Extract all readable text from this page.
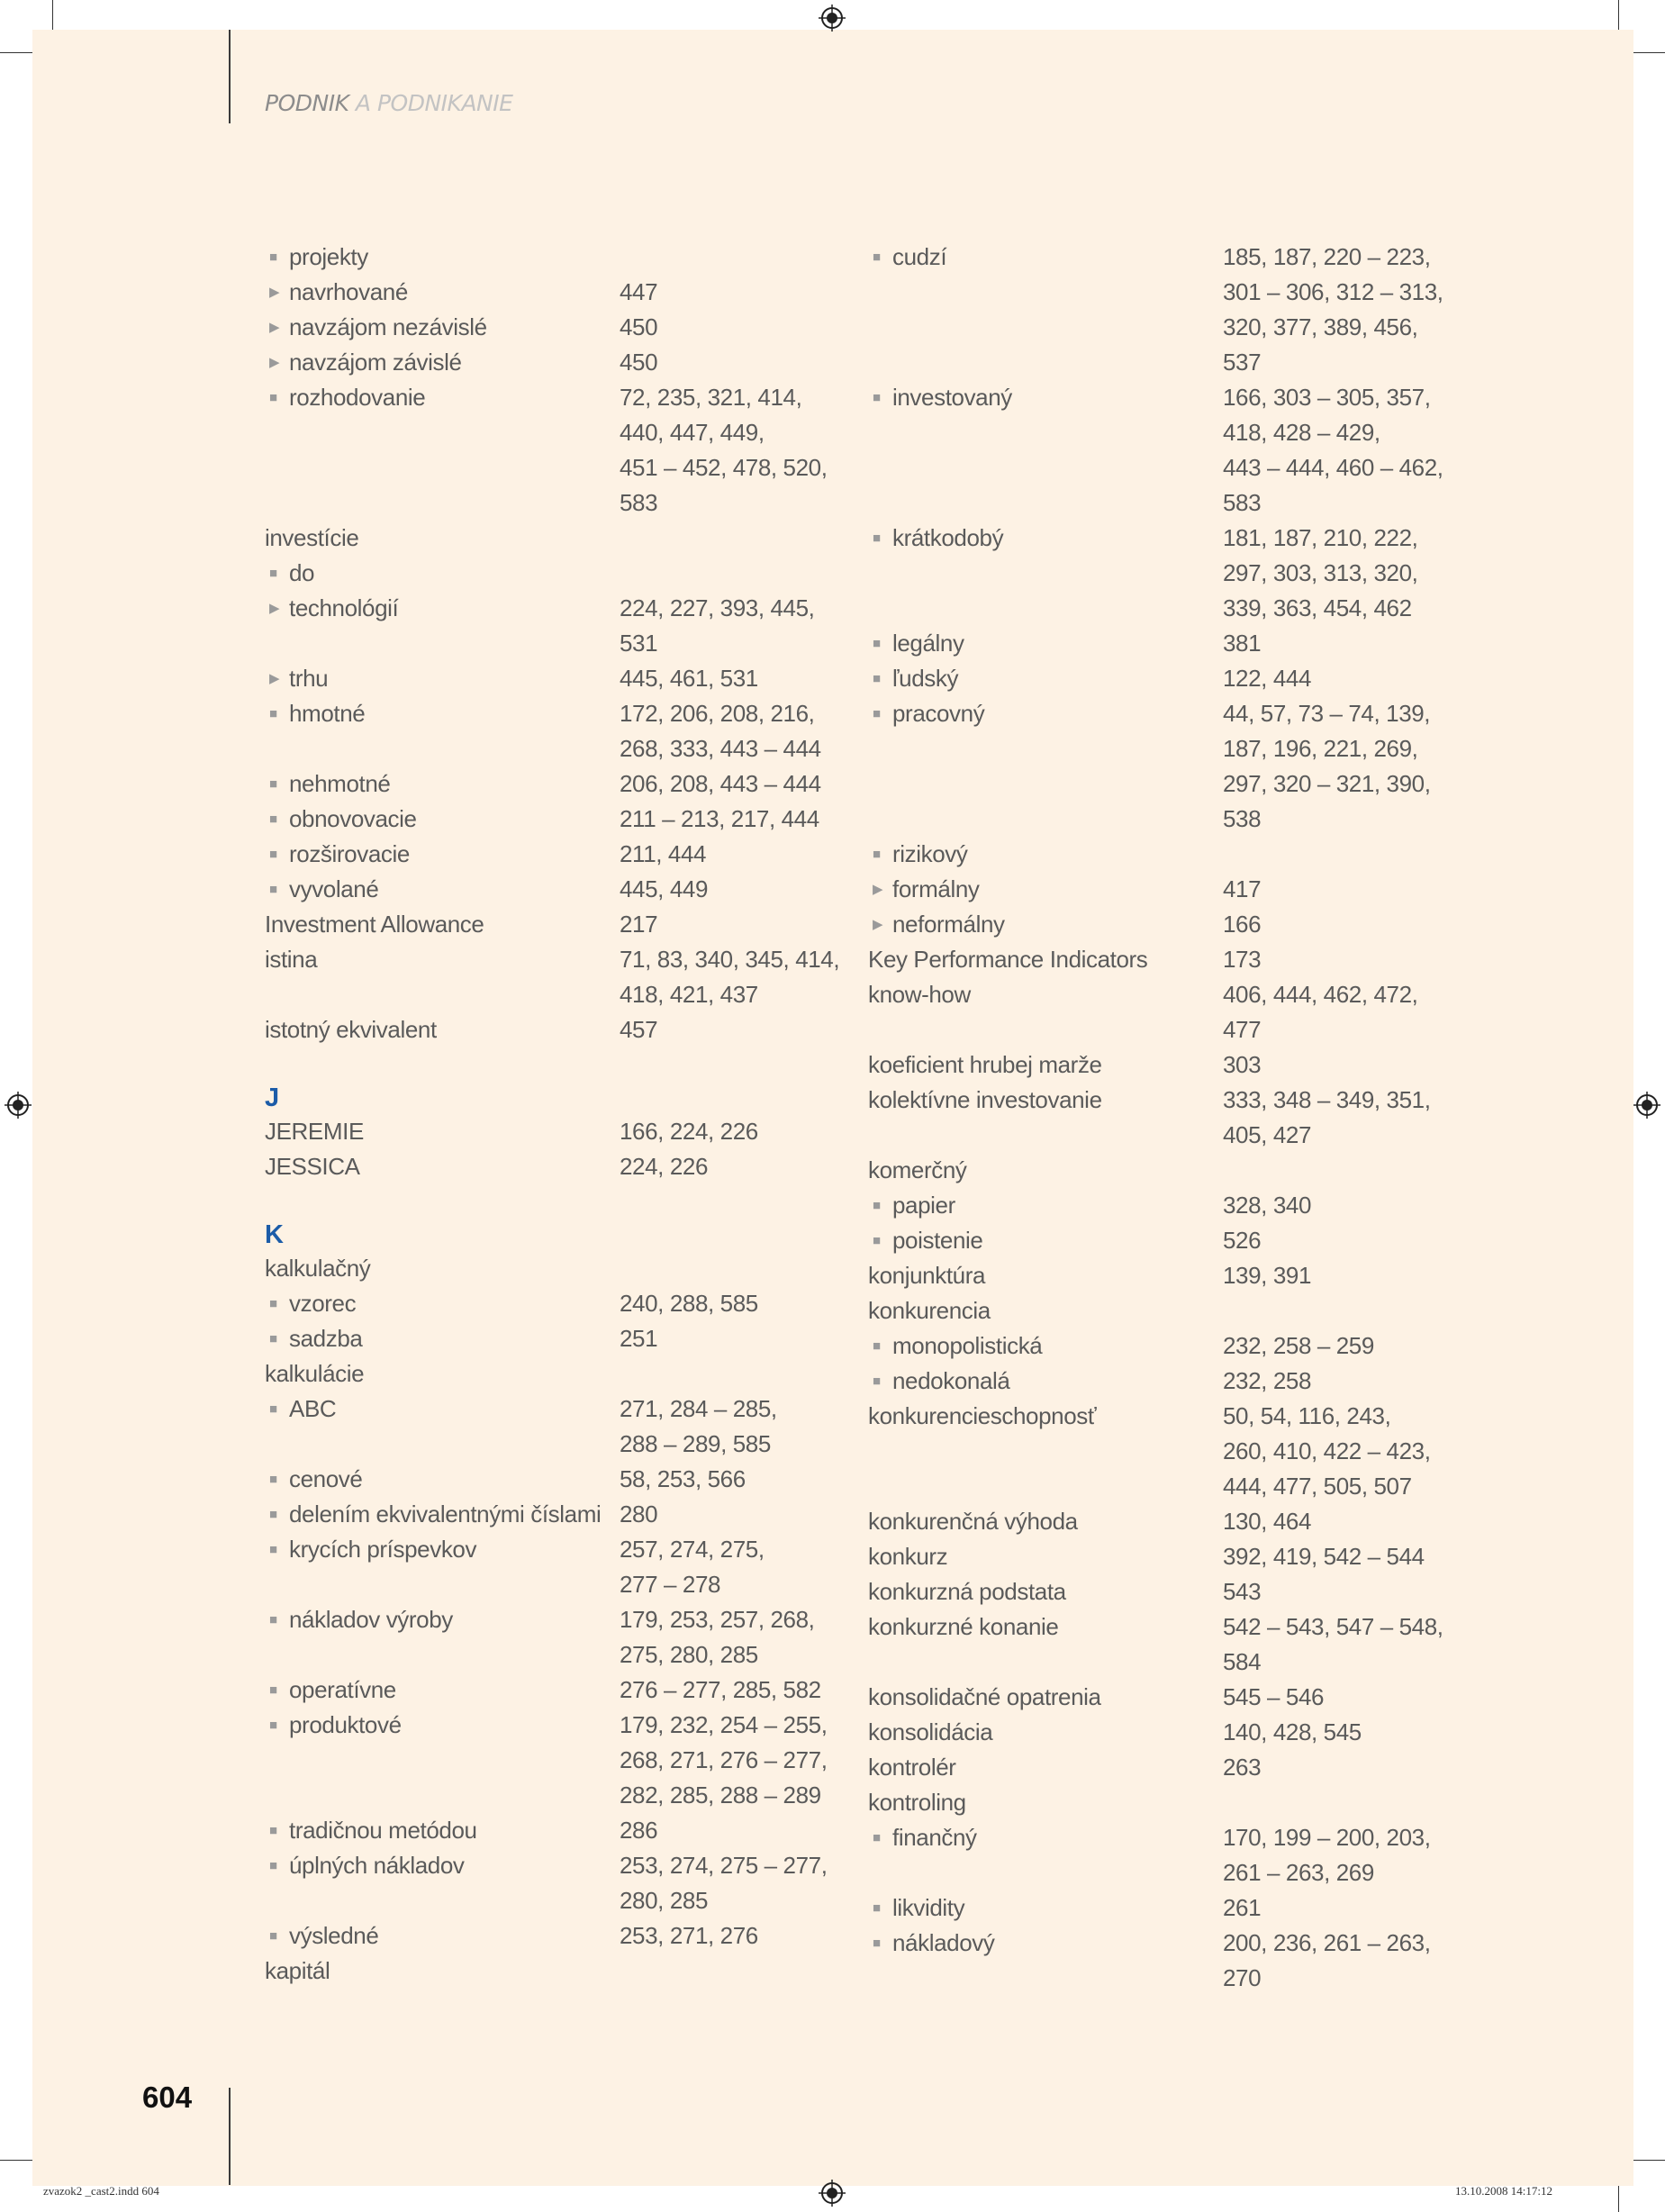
PODNIK A PODNIKANIE
■ projekty
▶ navrhované	447
▶ navzájom nezávislé	450
▶ navzájom závislé	450
■ rozhodovanie	72, 235, 321, 414,
440, 447, 449,
451 – 452, 478, 520,
583
investície
■ do
▶ technológií	224, 227, 393, 445,
531
▶ trhu	445, 461, 531
■ hmotné	172, 206, 208, 216,
268, 333, 443 – 444
■ nehmotné	206, 208, 443 – 444
■ obnovovacie	211 – 213, 217, 444
■ rozširovacie	211, 444
■ vyvolané	445, 449
Investment Allowance	217
istina	71, 83, 340, 345, 414,
418, 421, 437
istotný ekvivalent	457
J
JEREMIE	166, 224, 226
JESSICA	224, 226
K
kalkulačný
■ vzorec	240, 288, 585
■ sadzba	251
kalkulácie
■ ABC	271, 284 – 285,
288 – 289, 585
■ cenové	58, 253, 566
■ delením ekvivalentnými číslami 280
■ krycích príspevkov	257, 274, 275,
277 – 278
■ nákladov výroby	179, 253, 257, 268,
275, 280, 285
■ operatívne	276 – 277, 285, 582
■ produktové	179, 232, 254 – 255,
268, 271, 276 – 277,
282, 285, 288 – 289
■ tradičnou metódou	286
■ úplných nákladov	253, 274, 275 – 277,
280, 285
■ výsledné	253, 271, 276
kapitál
■ cudzí	185, 187, 220 – 223,
301 – 306, 312 – 313,
320, 377, 389, 456,
537
■ investovaný	166, 303 – 305, 357,
418, 428 – 429,
443 – 444, 460 – 462,
583
■ krátkodobý	181, 187, 210, 222,
297, 303, 313, 320,
339, 363, 454, 462
■ legálny	381
■ ľudský	122, 444
■ pracovný	44, 57, 73 – 74, 139,
187, 196, 221, 269,
297, 320 – 321, 390,
538
■ rizikový
▶ formálny	417
▶ neformálny	166
Key Performance Indicators	173
know-how	406, 444, 462, 472,
477
koeficient hrubej marže	303
kolektívne investovanie	333, 348 – 349, 351,
405, 427
komerčný
■ papier	328, 340
■ poistenie	526
konjunktúra	139, 391
konkurencia
■ monopolistická	232, 258 – 259
■ nedokonalá	232, 258
konkurencieschopnosť	50, 54, 116, 243,
260, 410, 422 – 423,
444, 477, 505, 507
konkurenčná výhoda	130, 464
konkurz	392, 419, 542 – 544
konkurzná podstata	543
konkurzné konanie	542 – 543, 547 – 548,
584
konsolidačné opatrenia	545 – 546
konsolidácia	140, 428, 545
kontrolér	263
kontroling
■ finančný	170, 199 – 200, 203,
261 – 263, 269
■ likvidity	261
■ nákladový	200, 236, 261 – 263,
270
604
zvazok2 _cast2.indd 604	13.10.2008 14:17:12
